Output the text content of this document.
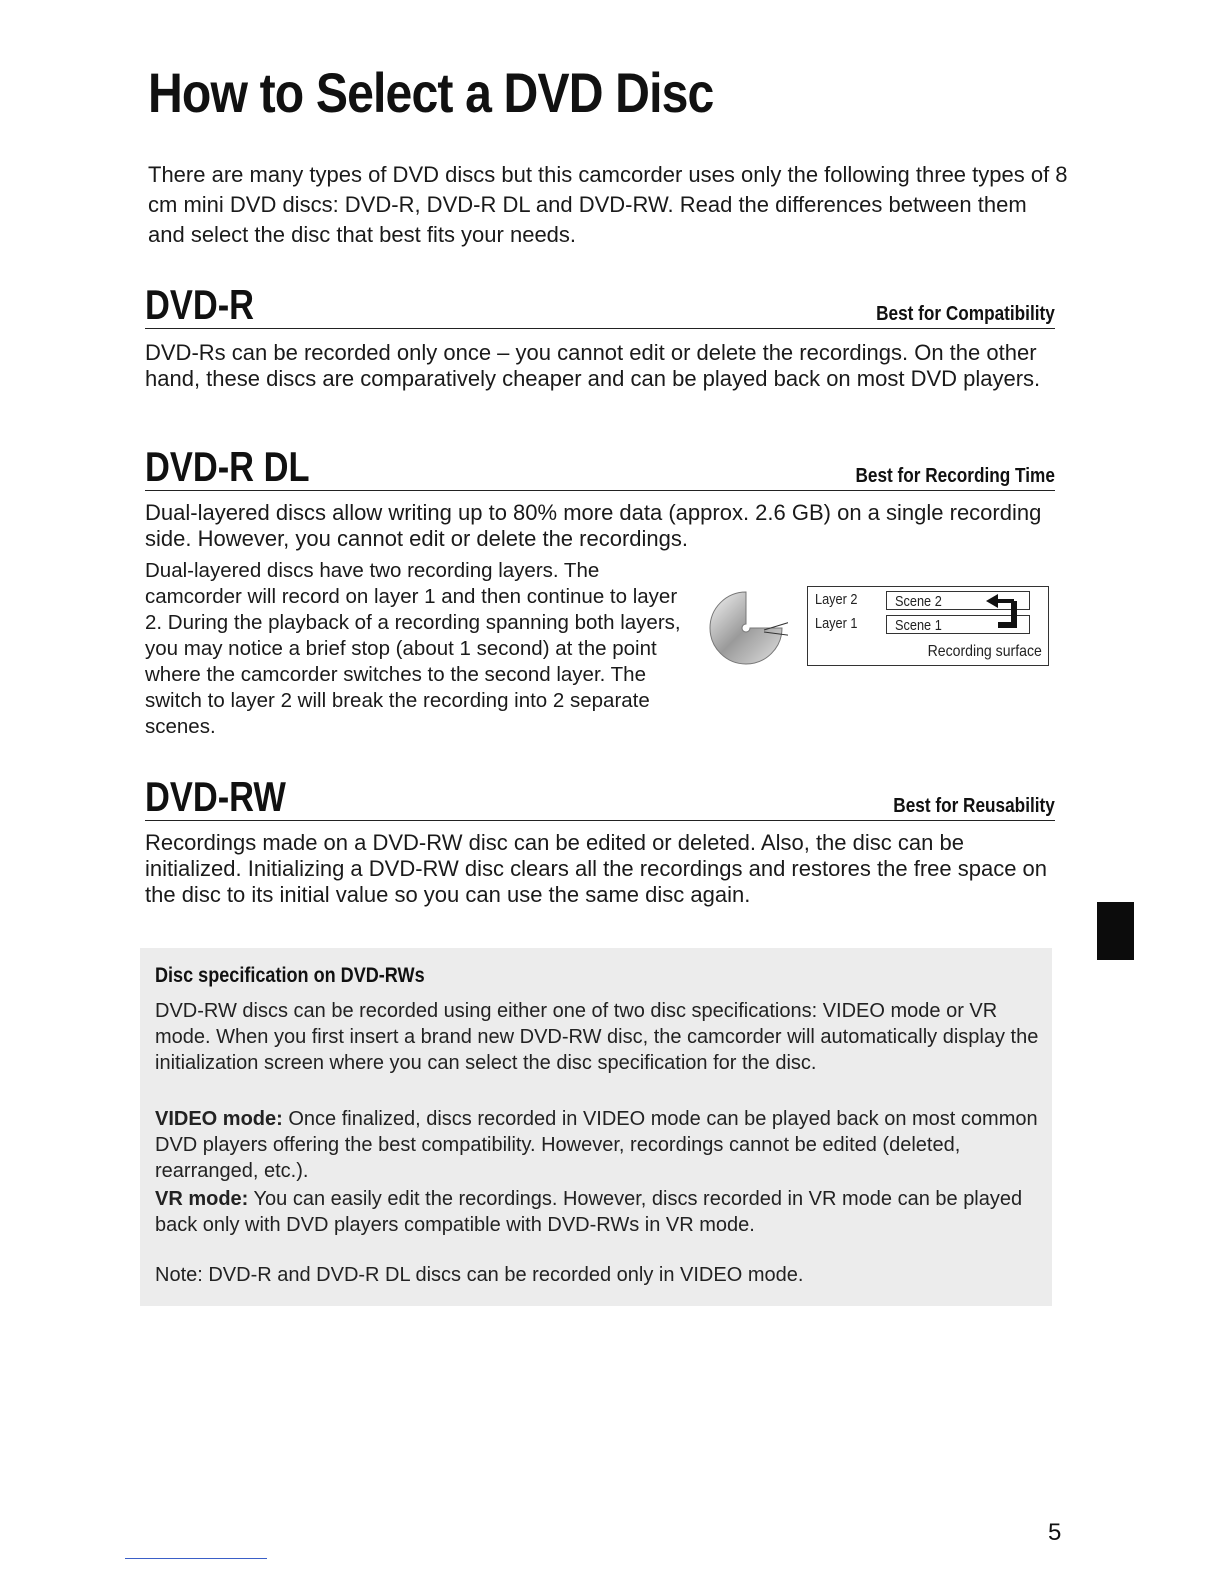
How to Select a DVD Disc

There are many types of DVD discs but this camcorder uses only the following three types of 8 cm mini DVD discs: DVD-R, DVD-R DL and DVD-RW. Read the differences between them and select the disc that best fits your needs.

DVD-R	Best for Compatibility

DVD-Rs can be recorded only once – you cannot edit or delete the recordings. On the other hand, these discs are comparatively cheaper and can be played back on most DVD players.

DVD-R DL	Best for Recording Time

Dual-layered discs allow writing up to 80% more data (approx. 2.6 GB) on a single recording side. However, you cannot edit or delete the recordings.

Dual-layered discs have two recording layers. The camcorder will record on layer 1 and then continue to layer 2. During the playback of a recording spanning both layers, you may notice a brief stop (about 1 second) at the point where the camcorder switches to the second layer. The switch to layer 2 will break the recording into 2 separate scenes.

Layer 2
Layer 1
Scene 2
Scene 1
Recording surface
DVD-RW	Best for Reusability

Recordings made on a DVD-RW disc can be edited or deleted. Also, the disc can be initialized. Initializing a DVD-RW disc clears all the recordings and restores the free space on the disc to its initial value so you can use the same disc again.

Disc specification on DVD-RWs

DVD-RW discs can be recorded using either one of two disc specifications: VIDEO mode or VR mode. When you first insert a brand new DVD-RW disc, the camcorder will automatically display the initialization screen where you can select the disc specification for the disc.

VIDEO mode: Once finalized, discs recorded in VIDEO mode can be played back on most common DVD players offering the best compatibility. However, recordings cannot be edited (deleted, rearranged, etc.).

VR mode: You can easily edit the recordings. However, discs recorded in VR mode can be played back only with DVD players compatible with DVD-RWs in VR mode.

Note: DVD-R and DVD-R DL discs can be recorded only in VIDEO mode.

5
